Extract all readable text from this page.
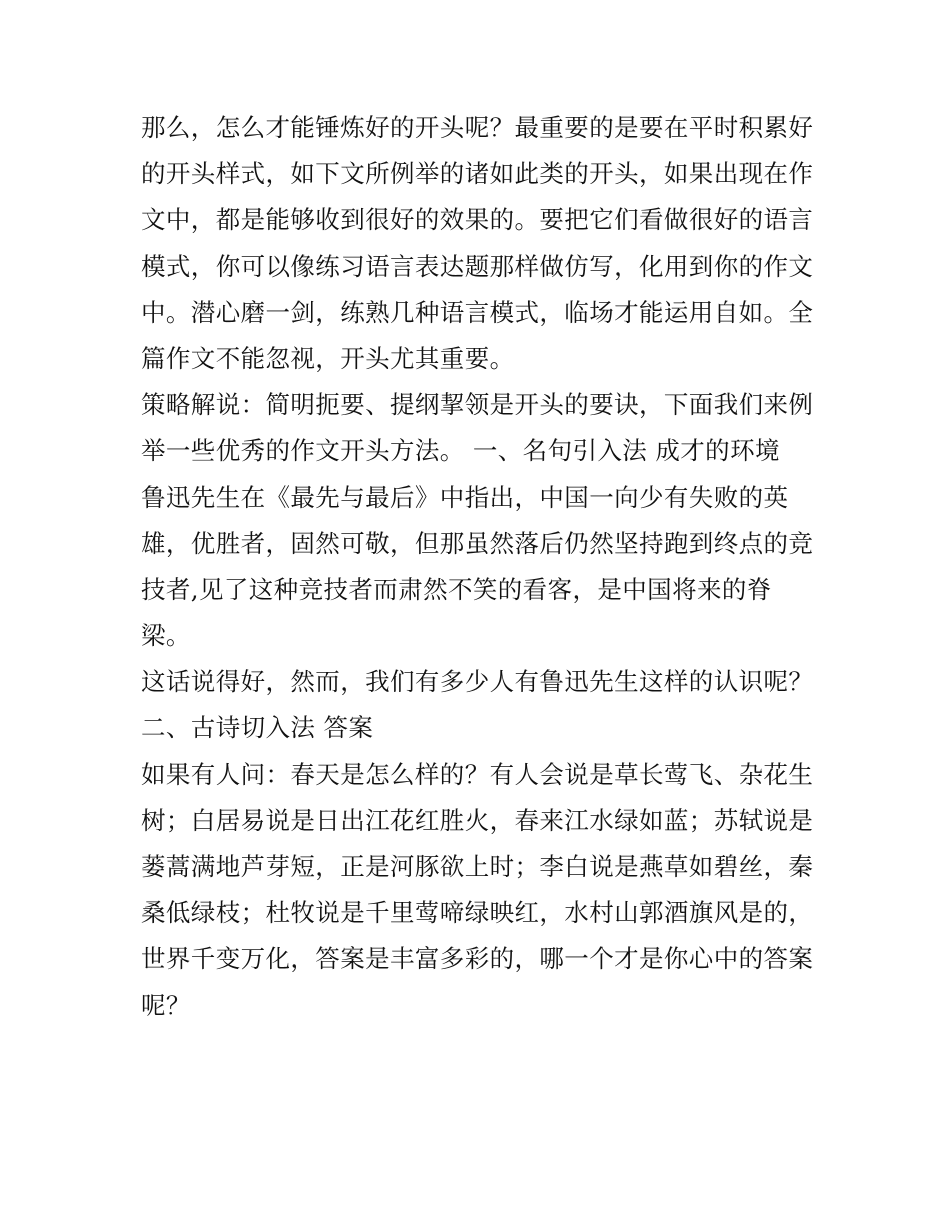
那么，怎么才能锤炼好的开头呢？最重要的是要在平时积累好
的开头样式，如下文所例举的诸如此类的开头，如果出现在作
文中，都是能够收到很好的效果的。要把它们看做很好的语言
模式，你可以像练习语言表达题那样做仿写，化用到你的作文
中。潜心磨一剑，练熟几种语言模式，临场才能运用自如。全
篇作文不能忽视，开头尤其重要。
策略解说：简明扼要、提纲挈领是开头的要诀，下面我们来例
举一些优秀的作文开头方法。 一、名句引入法 成才的环境
鲁迅先生在《最先与最后》中指出，中国一向少有失败的英
雄，优胜者，固然可敬，但那虽然落后仍然坚持跑到终点的竞
技者,见了这种竞技者而肃然不笑的看客，是中国将来的脊
梁。
这话说得好，然而，我们有多少人有鲁迅先生这样的认识呢？
二、古诗切入法 答案
如果有人问：春天是怎么样的？有人会说是草长莺飞、杂花生
树；白居易说是日出江花红胜火，春来江水绿如蓝；苏轼说是
蒌蒿满地芦芽短，正是河豚欲上时；李白说是燕草如碧丝，秦
桑低绿枝；杜牧说是千里莺啼绿映红，水村山郭酒旗风是的，
世界千变万化，答案是丰富多彩的，哪一个才是你心中的答案
呢？
